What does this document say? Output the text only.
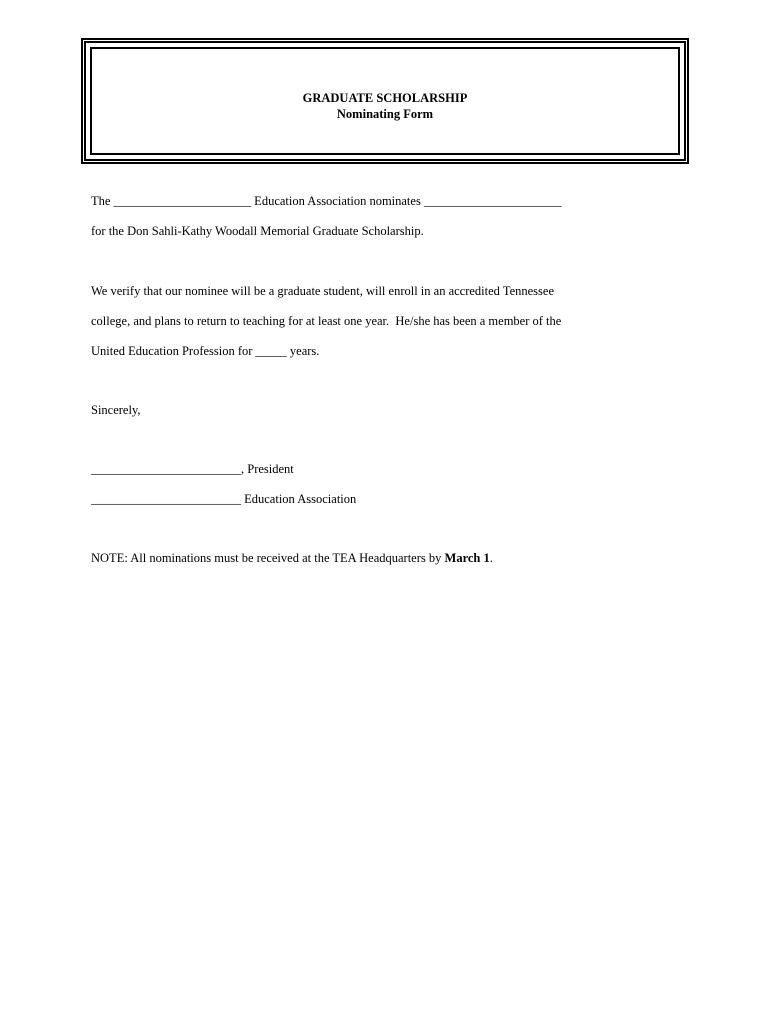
GRADUATE SCHOLARSHIP
Nominating Form
The ______________________ Education Association nominates ______________________
for the Don Sahli-Kathy Woodall Memorial Graduate Scholarship.
We verify that our nominee will be a graduate student, will enroll in an accredited Tennessee
college, and plans to return to teaching for at least one year.  He/she has been a member of the
United Education Profession for _____ years.
Sincerely,
________________________, President
________________________ Education Association
NOTE: All nominations must be received at the TEA Headquarters by March 1.
